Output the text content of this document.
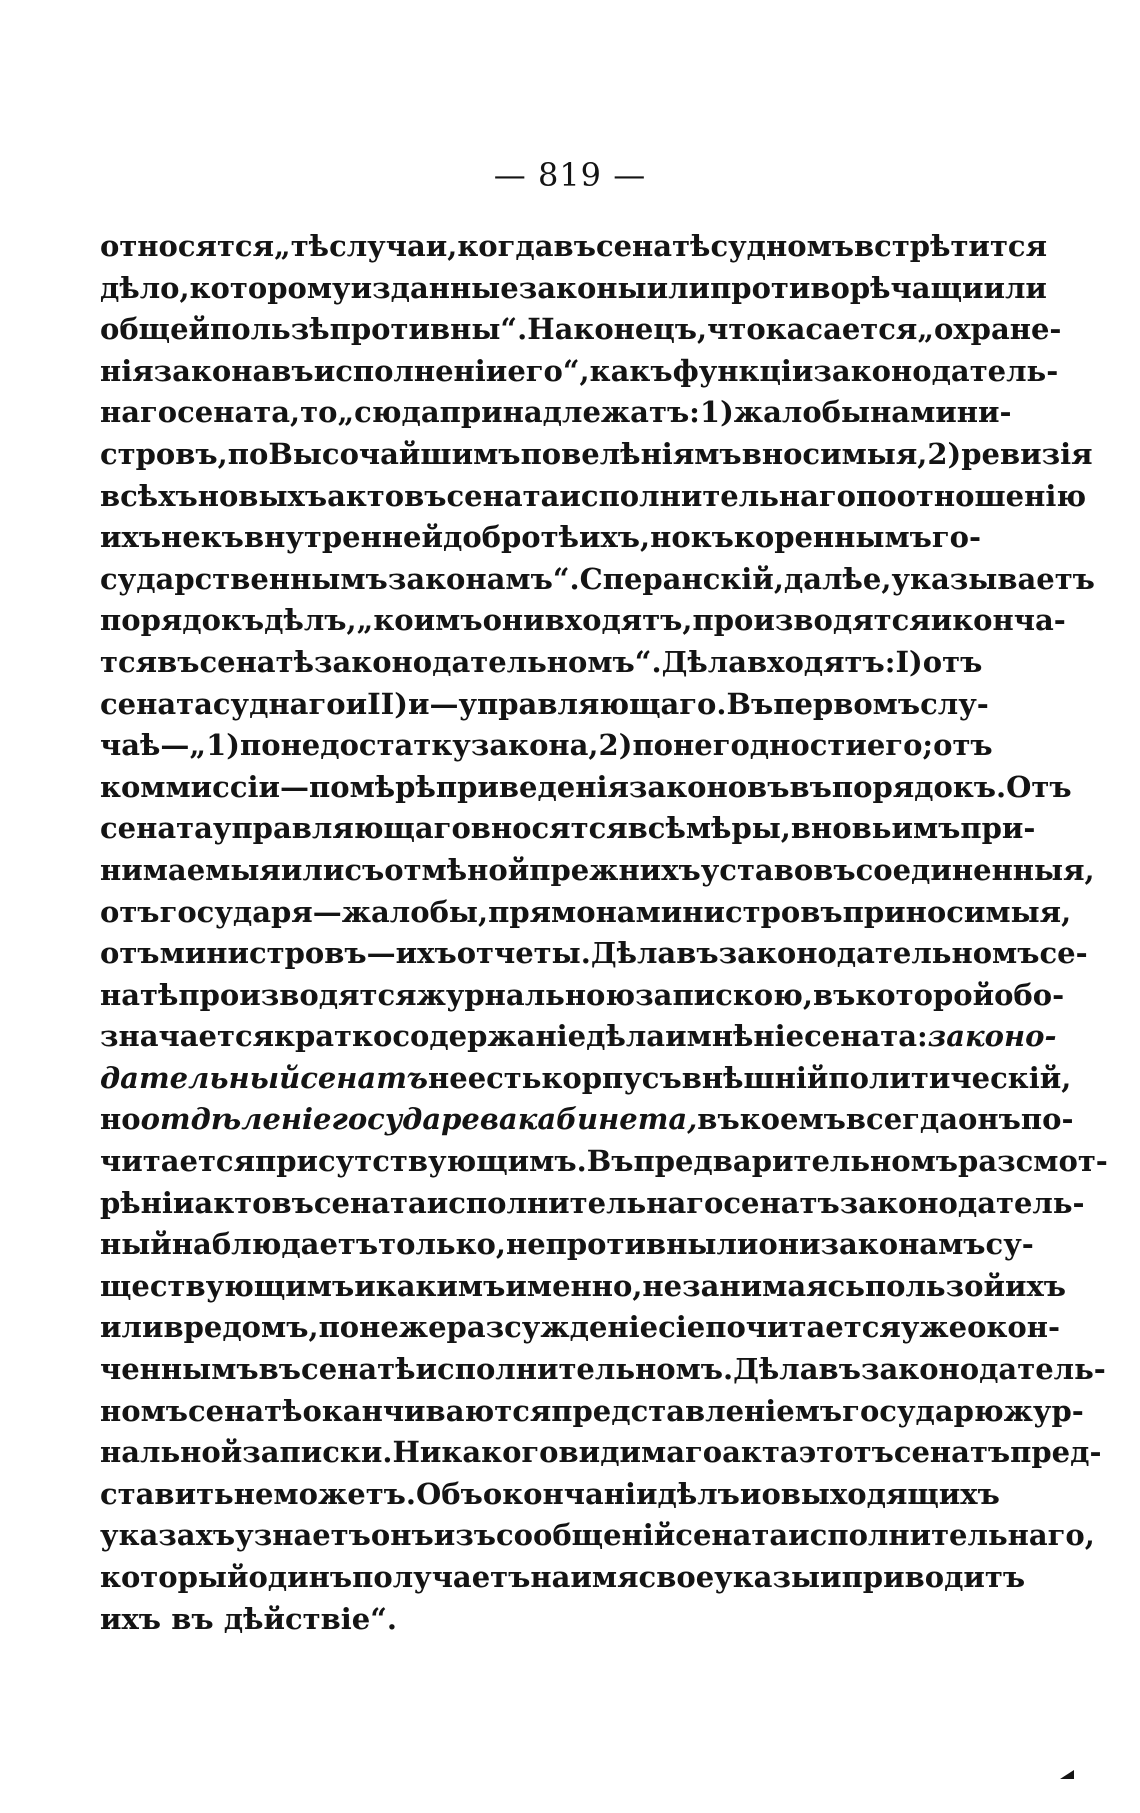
— 819 —
относятся „тѣ случаи, когда въ сенатѣ судномъ встрѣтится
дѣло, которому изданные законы или противорѣчащи или
общей пользѣ противны“. Наконецъ, что касается „охране-
нія закона въ исполненіи его“, какъ функціи законодатель-
наго сената, то „сюда принадлежатъ: 1) жалобы на мини-
стровъ, по Высочайшимъ повелѣніямъ вносимыя, 2) ревизія
всѣхъ новыхъ актовъ сената исполнительнаго по отношенію
ихъ не къ внутренней добротѣ ихъ, но къ кореннымъ го-
сударственнымъ законамъ“. Сперанскій, далѣе, указываетъ
порядокъ дѣлъ, „коимъ они входятъ, производятся и конча-
тся въ сенатѣ законодательномъ“. Дѣла входятъ: I) отъ
сената суднаго и II) и—управляющаго. Въ первомъ слу-
чаѣ—„1) по недостатку закона, 2) по негодности его; отъ
коммиссіи—по мѣрѣ приведенія законовъ въ порядокъ. Отъ
сената управляющаго вносятся всѣ мѣры, вновь имъ при-
нимаемыя или съ отмѣной прежнихъ уставовъ соединенныя,
отъ государя—жалобы, прямо на министровъ приносимыя,
отъ министровъ—ихъ отчеты. Дѣла въ законодательномъ се-
натѣ производятся журнальною запискою, въ которой обо-
значается кратко содержаніе дѣла и мнѣніе сената: законо-
дательный сенатъ не есть корпусъ внѣшній политическій,
но отдѣленіе государева кабинета, въ коемъ всегда онъ по-
читается присутствующимъ. Въ предварительномъ разсмот-
рѣніи актовъ сената исполнительнаго сенатъ законодатель-
ный наблюдаетъ только, не противны ли они законамъ су-
ществующимъ и какимъ именно, не занимаясь пользой ихъ
или вредомъ, понеже разсужденіе сіе почитается уже окон-
ченнымъ въ сенатѣ исполнительномъ. Дѣла въ законодатель-
номъ сенатѣ оканчиваются представленіемъ государю жур-
нальной записки. Никакого видимаго акта этотъ сенатъ пред-
ставить не можетъ. Объ окончаніи дѣлъ и о выходящихъ
указахъ узнаетъ онъ изъ сообщеній сената исполнительнаго,
который одинъ получаетъ на имя свое указы и приводитъ
ихъ въ дѣйствіе“.
